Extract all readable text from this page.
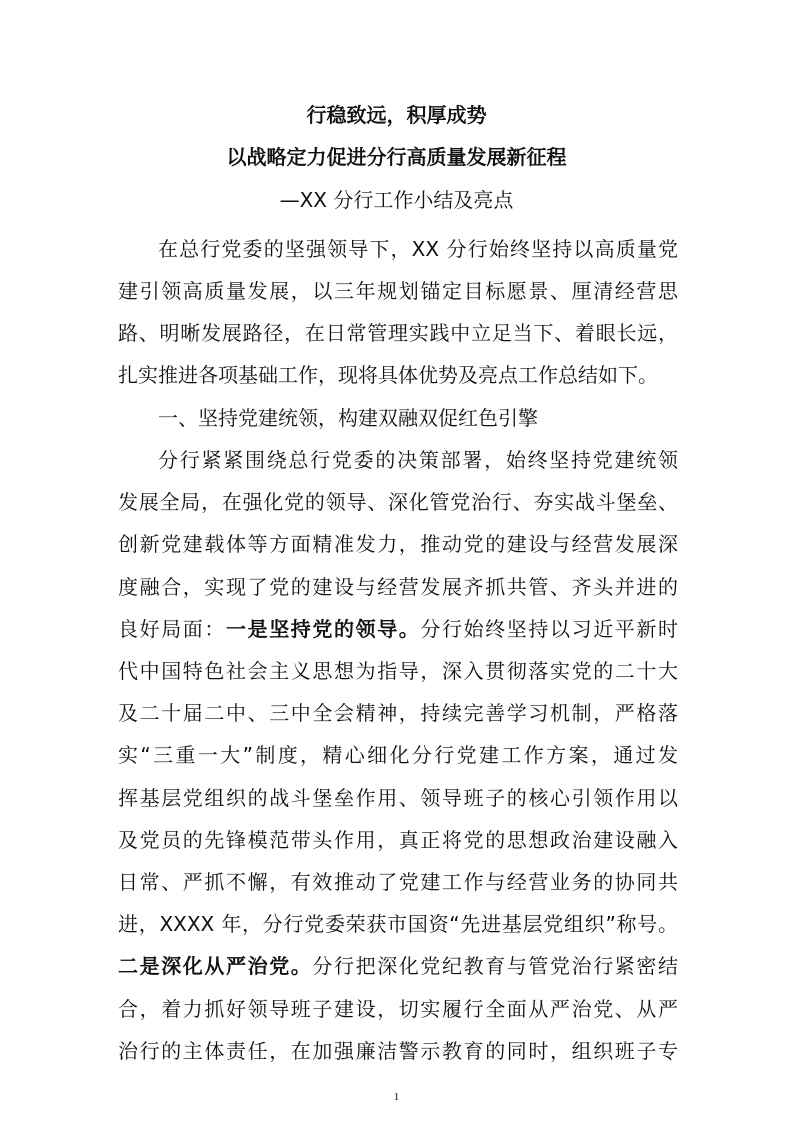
行稳致远，积厚成势
以战略定力促进分行高质量发展新征程
—XX 分行工作小结及亮点
在总行党委的坚强领导下，XX 分行始终坚持以高质量党
建引领高质量发展，以三年规划锚定目标愿景、厘清经营思
路、明晰发展路径，在日常管理实践中立足当下、着眼长远，
扎实推进各项基础工作，现将具体优势及亮点工作总结如下。
一、坚持党建统领，构建双融双促红色引擎
分行紧紧围绕总行党委的决策部署，始终坚持党建统领
发展全局，在强化党的领导、深化管党治行、夯实战斗堡垒、
创新党建载体等方面精准发力，推动党的建设与经营发展深
度融合，实现了党的建设与经营发展齐抓共管、齐头并进的
良好局面：一是坚持党的领导。分行始终坚持以习近平新时
代中国特色社会主义思想为指导，深入贯彻落实党的二十大
及二十届二中、三中全会精神，持续完善学习机制，严格落
实“三重一大”制度，精心细化分行党建工作方案，通过发
挥基层党组织的战斗堡垒作用、领导班子的核心引领作用以
及党员的先锋模范带头作用，真正将党的思想政治建设融入
日常、严抓不懈，有效推动了党建工作与经营业务的协同共
进，XXXX 年，分行党委荣获市国资“先进基层党组织”称号。
二是深化从严治党。分行把深化党纪教育与管党治行紧密结
合，着力抓好领导班子建设，切实履行全面从严治党、从严
治行的主体责任，在加强廉洁警示教育的同时，组织班子专
1
